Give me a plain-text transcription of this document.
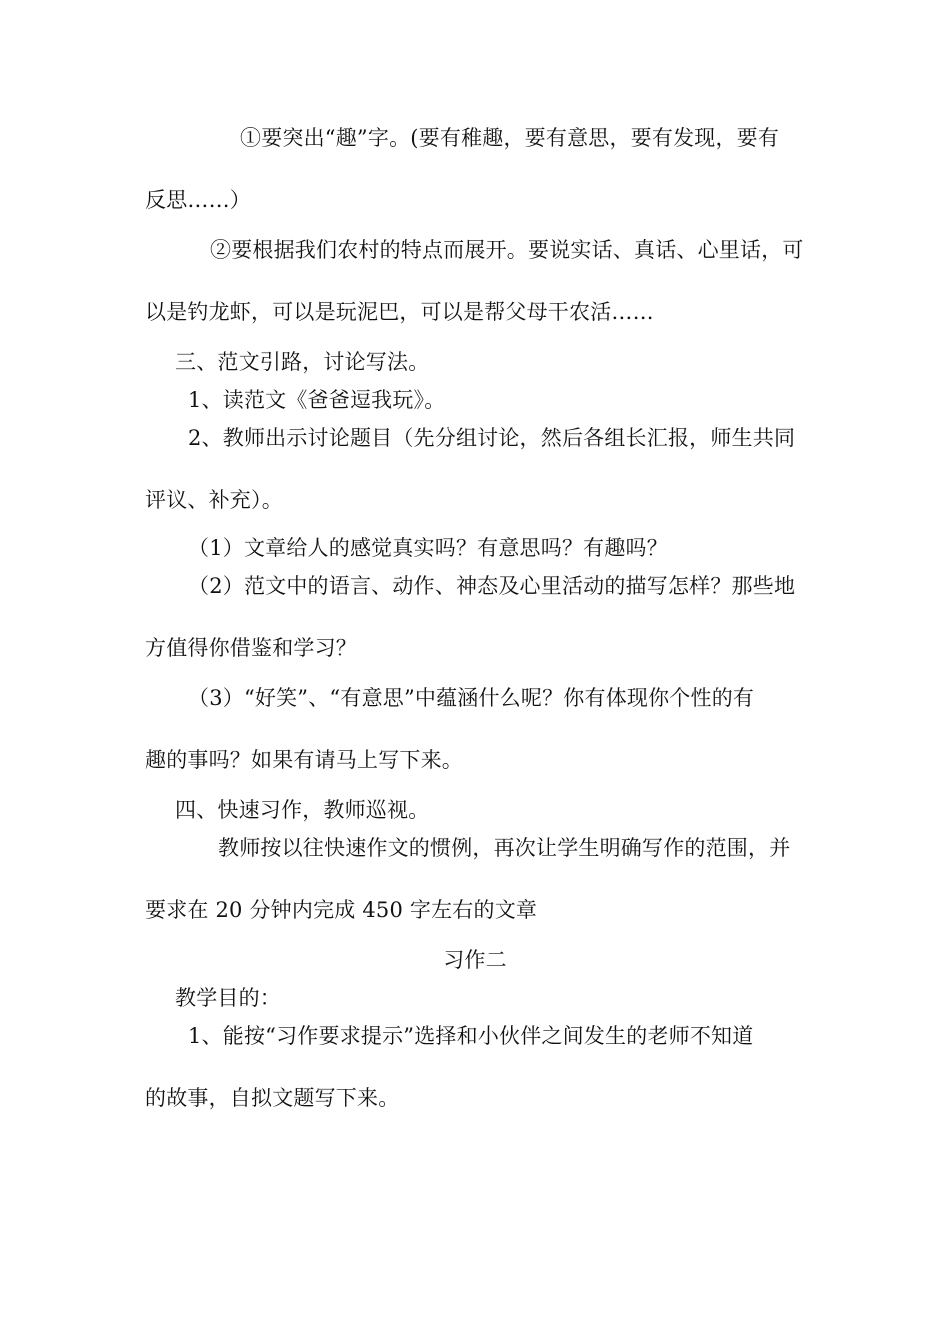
①要突出“趣”字。(要有稚趣，要有意思，要有发现，要有
反思……）
②要根据我们农村的特点而展开。要说实话、真话、心里话，可
以是钓龙虾，可以是玩泥巴，可以是帮父母干农活……
三、范文引路，讨论写法。
1、读范文《爸爸逗我玩》。
2、教师出示讨论题目（先分组讨论，然后各组长汇报，师生共同
评议、补充）。
（1）文章给人的感觉真实吗？有意思吗？有趣吗？
（2）范文中的语言、动作、神态及心里活动的描写怎样？那些地
方值得你借鉴和学习？
（3）“好笑”、“有意思”中蕴涵什么呢？你有体现你个性的有
趣的事吗？如果有请马上写下来。
四、快速习作，教师巡视。
教师按以往快速作文的惯例，再次让学生明确写作的范围，并
要求在 20 分钟内完成 450 字左右的文章
习作二
教学目的：
1、能按“习作要求提示”选择和小伙伴之间发生的老师不知道
的故事，自拟文题写下来。
